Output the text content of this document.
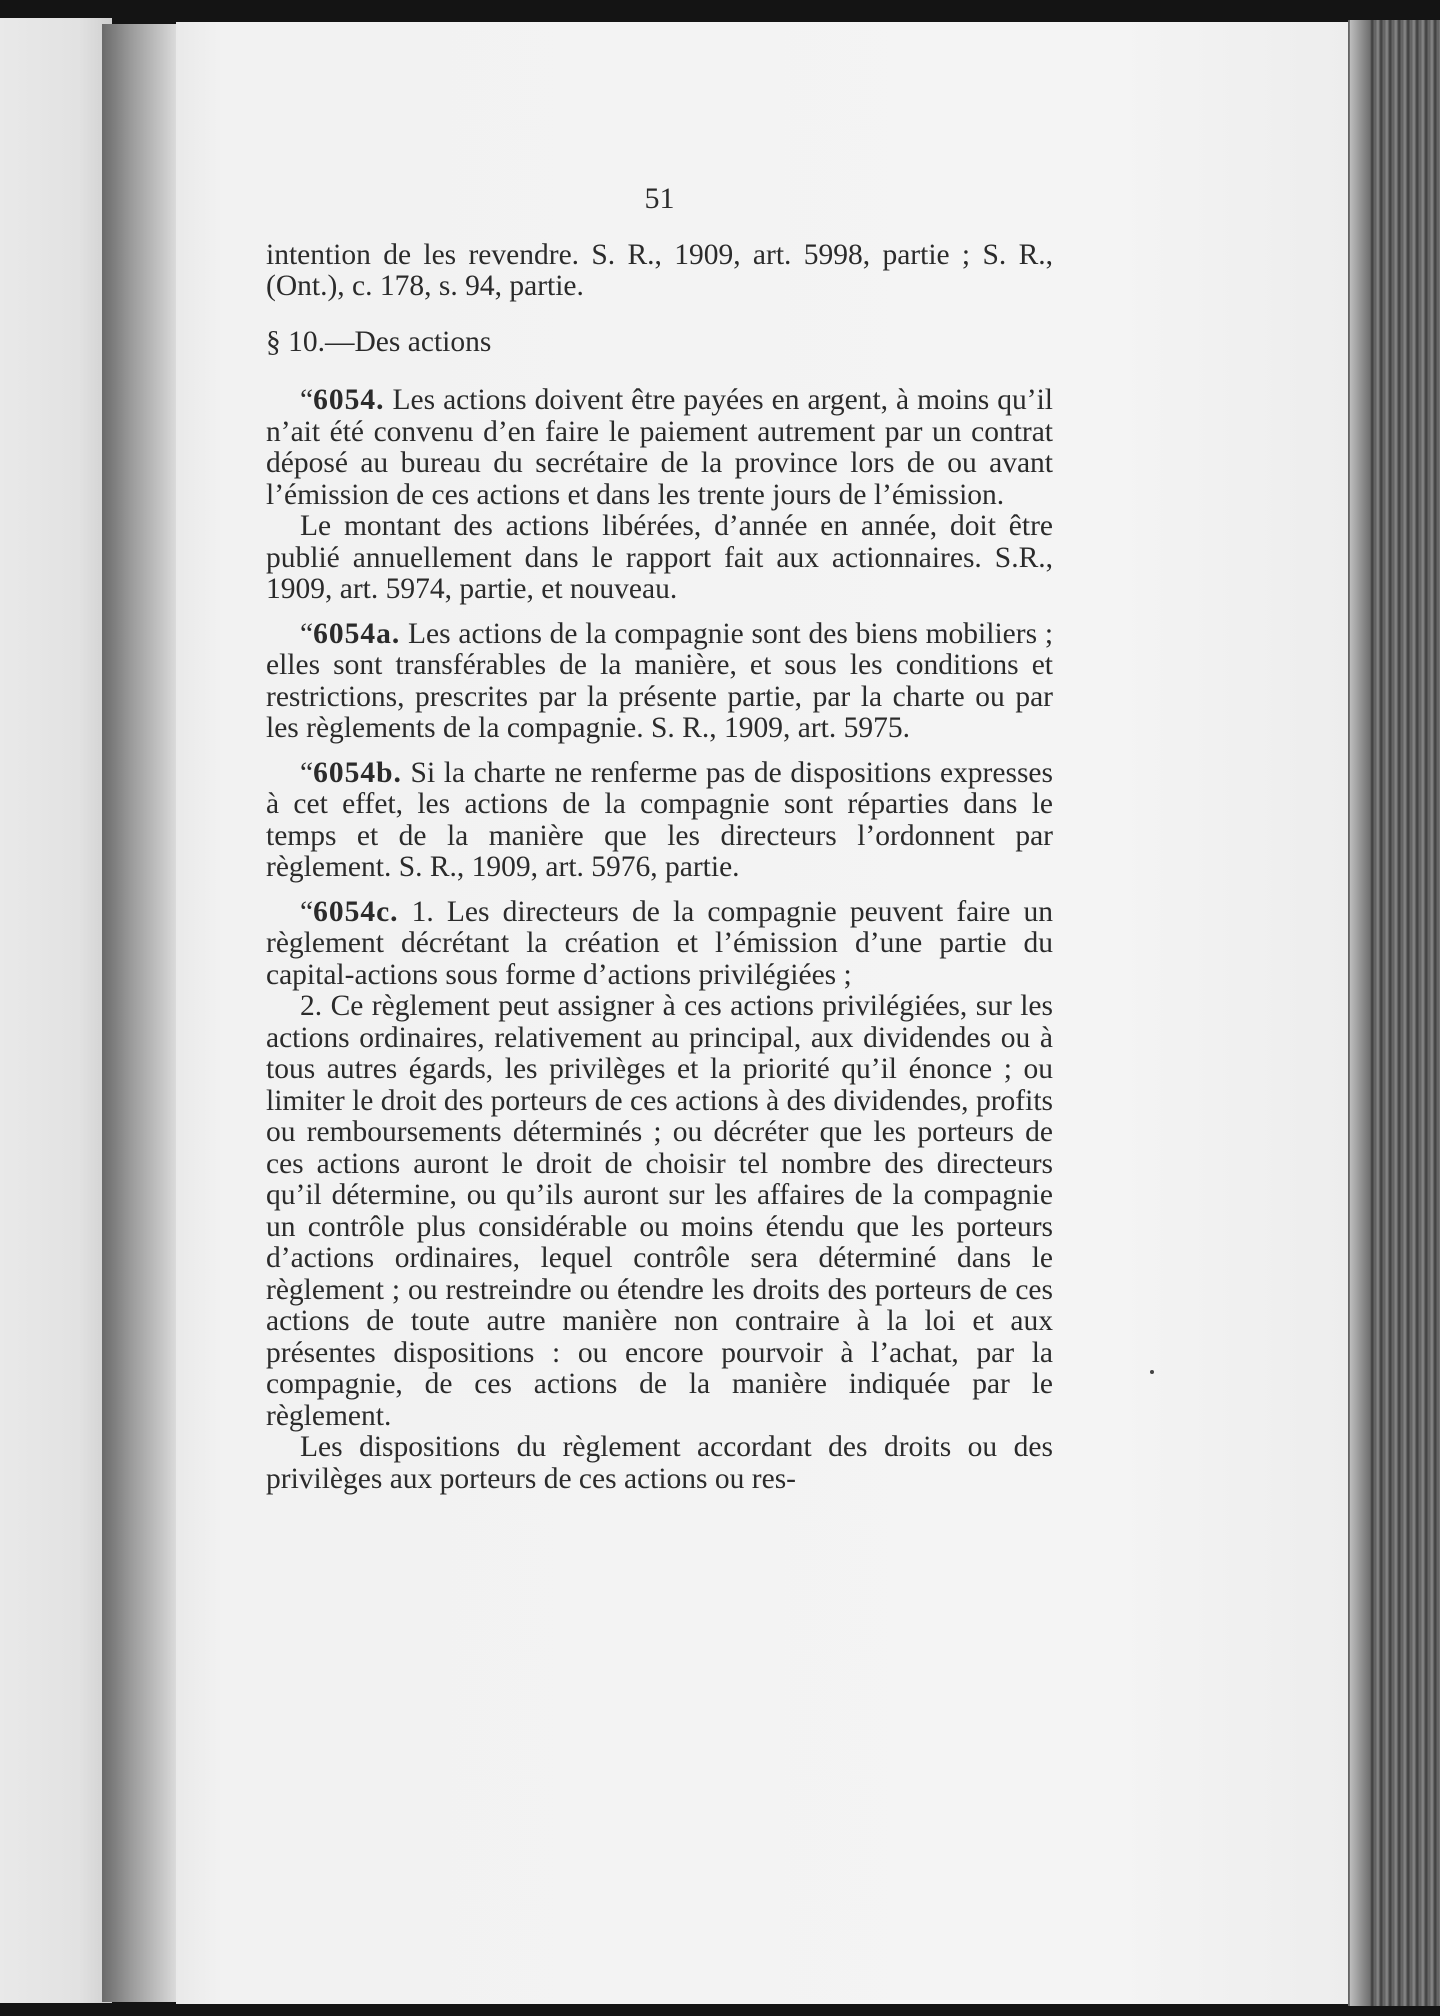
51

intention de les revendre. S. R., 1909, art. 5998, partie ; S. R., (Ont.), c. 178, s. 94, partie.

§ 10.—Des actions

“6054. Les actions doivent être payées en argent, à moins qu’il n’ait été convenu d’en faire le paiement autrement par un contrat déposé au bureau du secrétaire de la province lors de ou avant l’émission de ces actions et dans les trente jours de l’émission.

Le montant des actions libérées, d’année en année, doit être publié annuellement dans le rapport fait aux actionnaires. S.R., 1909, art. 5974, partie, et nouveau.

“6054a. Les actions de la compagnie sont des biens mobiliers ; elles sont transférables de la manière, et sous les conditions et restrictions, prescrites par la présente partie, par la charte ou par les règlements de la compagnie. S. R., 1909, art. 5975.

“6054b. Si la charte ne renferme pas de dispositions expresses à cet effet, les actions de la compagnie sont réparties dans le temps et de la manière que les directeurs l’ordonnent par règlement. S. R., 1909, art. 5976, partie.

“6054c. 1. Les directeurs de la compagnie peuvent faire un règlement décrétant la création et l’émission d’une partie du capital-actions sous forme d’actions privilégiées ;

2. Ce règlement peut assigner à ces actions privilégiées, sur les actions ordinaires, relativement au principal, aux dividendes ou à tous autres égards, les privilèges et la priorité qu’il énonce ; ou limiter le droit des porteurs de ces actions à des dividendes, profits ou remboursements déterminés ; ou décréter que les porteurs de ces actions auront le droit de choisir tel nombre des directeurs qu’il détermine, ou qu’ils auront sur les affaires de la compagnie un contrôle plus considérable ou moins étendu que les porteurs d’actions ordinaires, lequel contrôle sera déterminé dans le règlement ; ou restreindre ou étendre les droits des porteurs de ces actions de toute autre manière non contraire à la loi et aux présentes dispositions : ou encore pourvoir à l’achat, par la compagnie, de ces actions de la manière indiquée par le règlement.

Les dispositions du règlement accordant des droits ou des privilèges aux porteurs de ces actions ou res-
